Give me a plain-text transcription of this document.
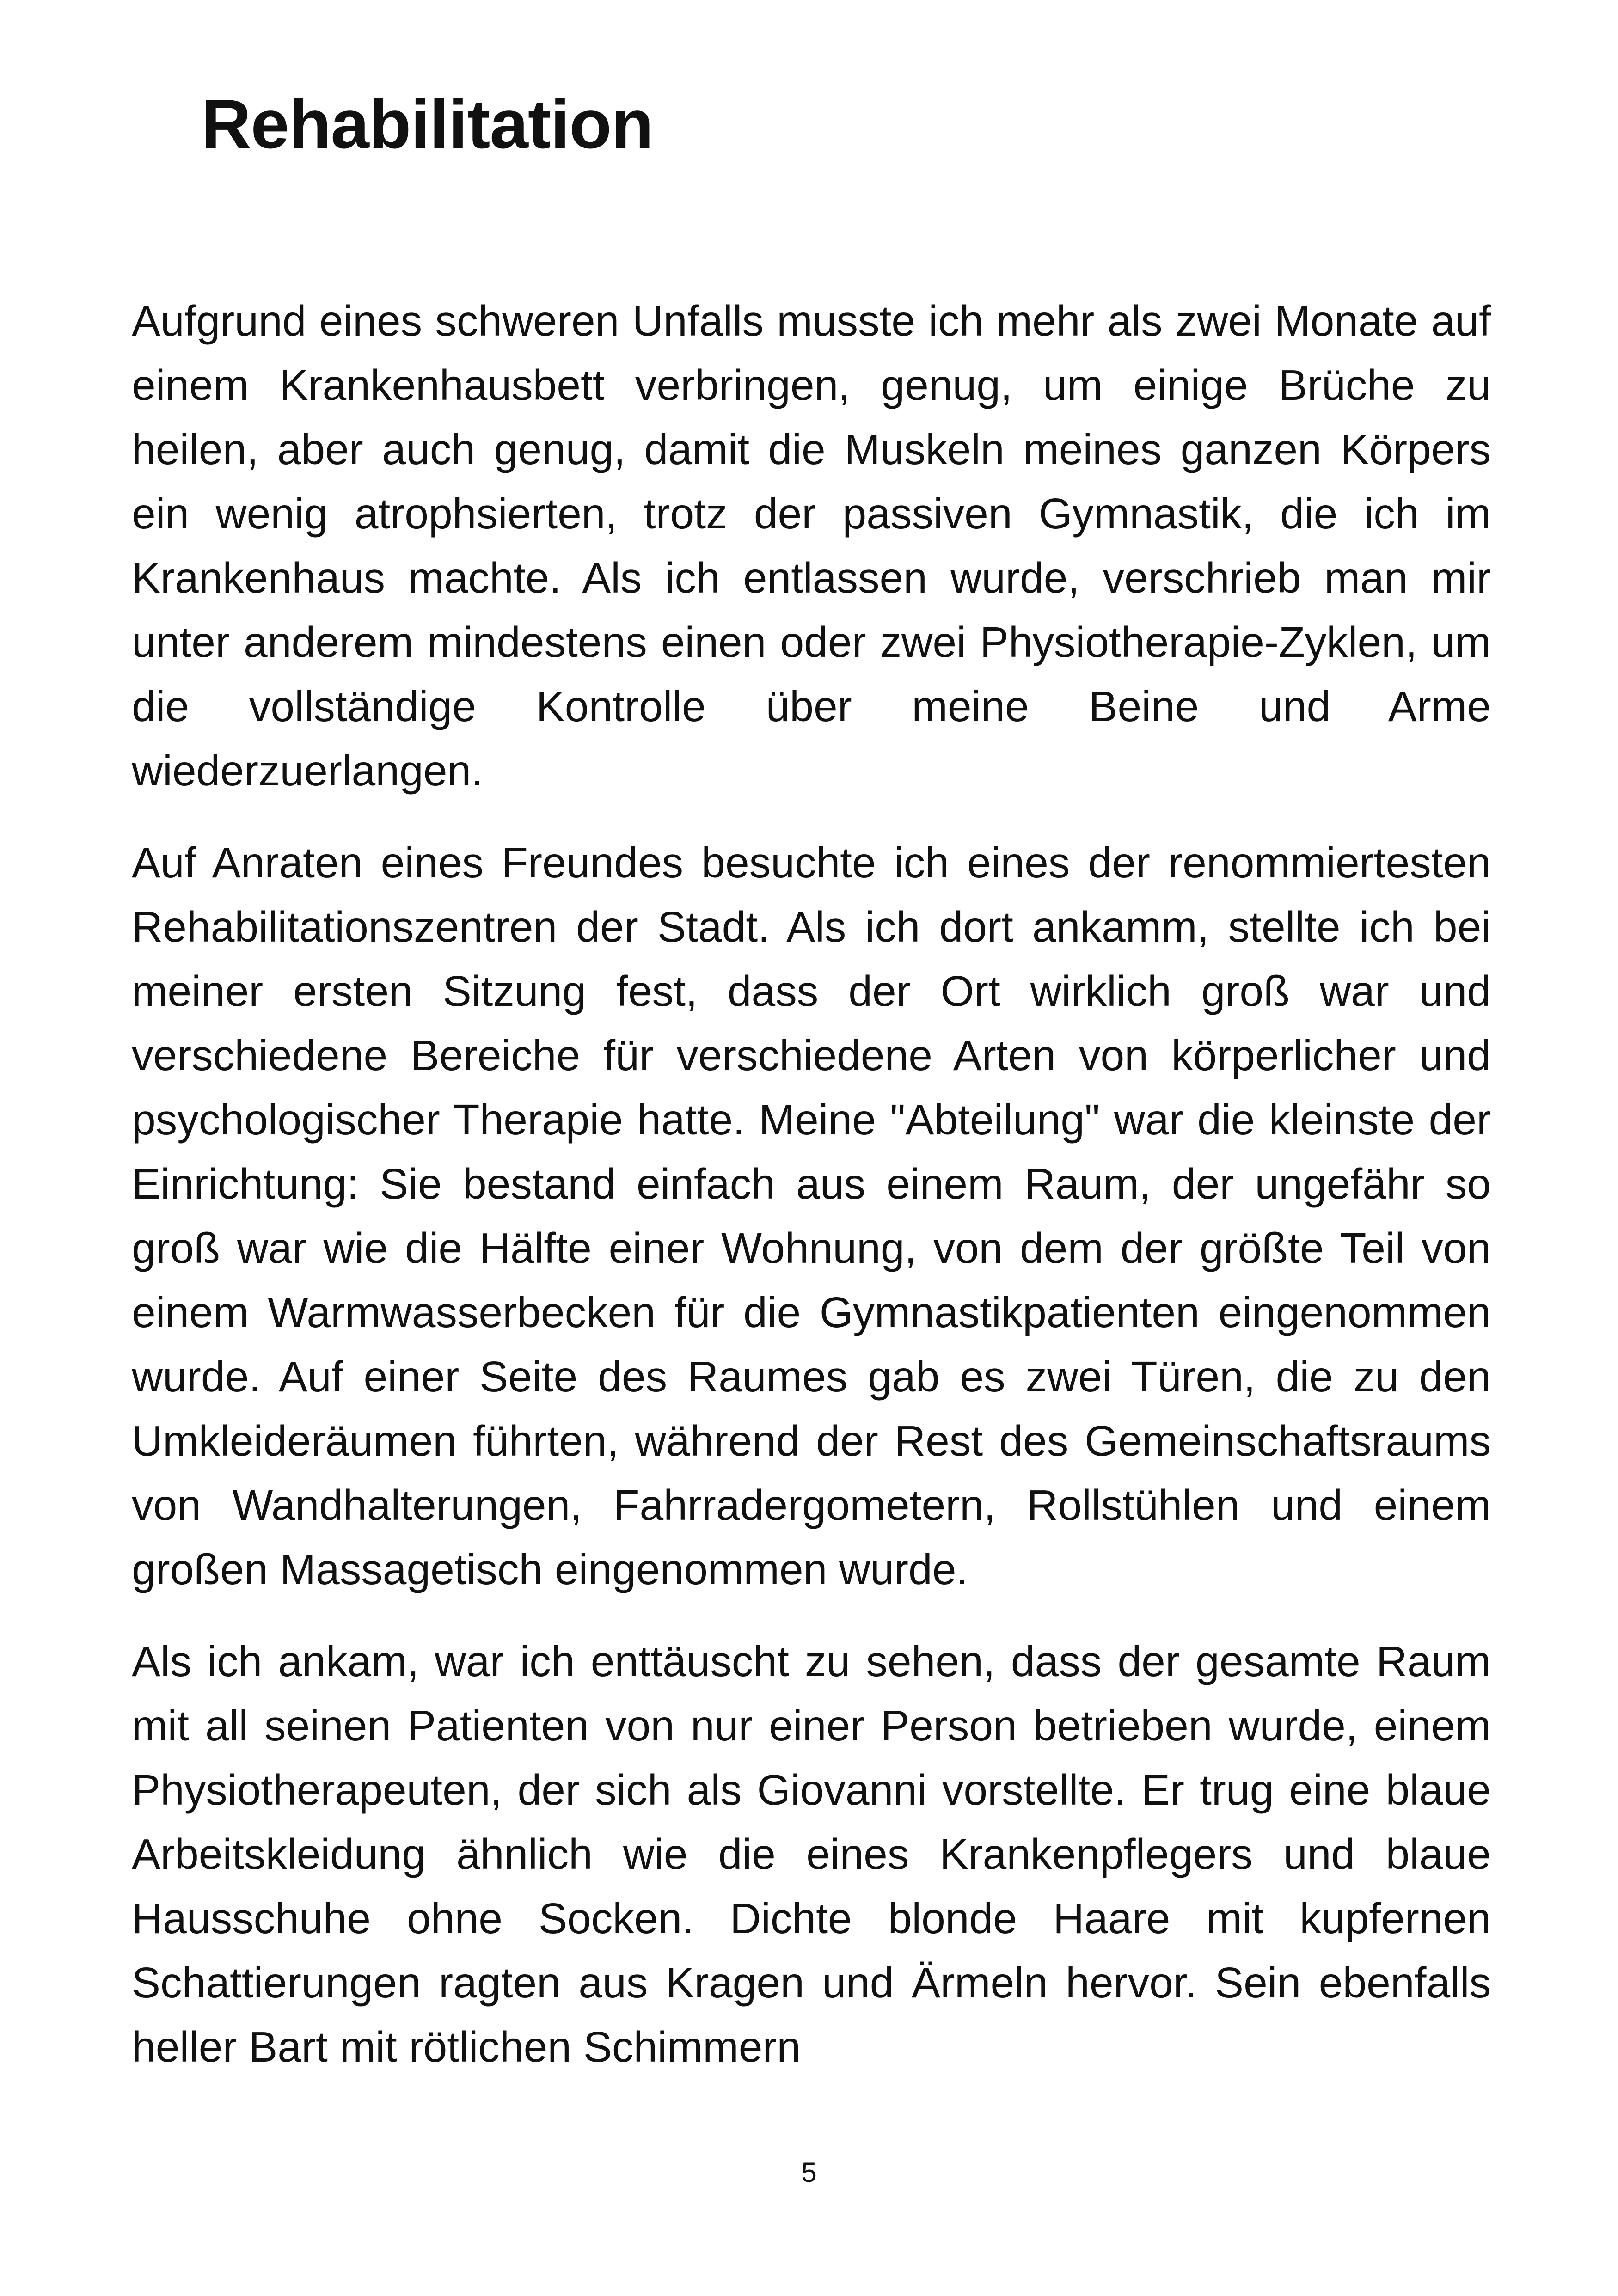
Rehabilitation

Aufgrund eines schweren Unfalls musste ich mehr als zwei Monate auf einem Krankenhausbett verbringen, genug, um einige Brüche zu heilen, aber auch genug, damit die Muskeln meines ganzen Körpers ein wenig atrophsierten, trotz der passiven Gymnastik, die ich im Krankenhaus machte. Als ich entlassen wurde, verschrieb man mir unter anderem mindestens einen oder zwei Physiotherapie-Zyklen, um die vollständige Kontrolle über meine Beine und Arme wiederzuerlangen.

Auf Anraten eines Freundes besuchte ich eines der renommiertesten Rehabilitationszentren der Stadt. Als ich dort ankamm, stellte ich bei meiner ersten Sitzung fest, dass der Ort wirklich groß war und verschiedene Bereiche für verschiedene Arten von körperlicher und psychologischer Therapie hatte. Meine "Abteilung" war die kleinste der Einrichtung: Sie bestand einfach aus einem Raum, der ungefähr so groß war wie die Hälfte einer Wohnung, von dem der größte Teil von einem Warmwasserbecken für die Gymnastikpatienten eingenommen wurde. Auf einer Seite des Raumes gab es zwei Türen, die zu den Umkleideräumen führten, während der Rest des Gemeinschaftsraums von Wandhalterungen, Fahrradergometern, Rollstühlen und einem großen Massagetisch eingenommen wurde.

Als ich ankam, war ich enttäuscht zu sehen, dass der gesamte Raum mit all seinen Patienten von nur einer Person betrieben wurde, einem Physiotherapeuten, der sich als Giovanni vorstellte. Er trug eine blaue Arbeitskleidung ähnlich wie die eines Krankenpflegers und blaue Hausschuhe ohne Socken. Dichte blonde Haare mit kupfernen Schattierungen ragten aus Kragen und Ärmeln hervor. Sein ebenfalls heller Bart mit rötlichen Schimmern

5
